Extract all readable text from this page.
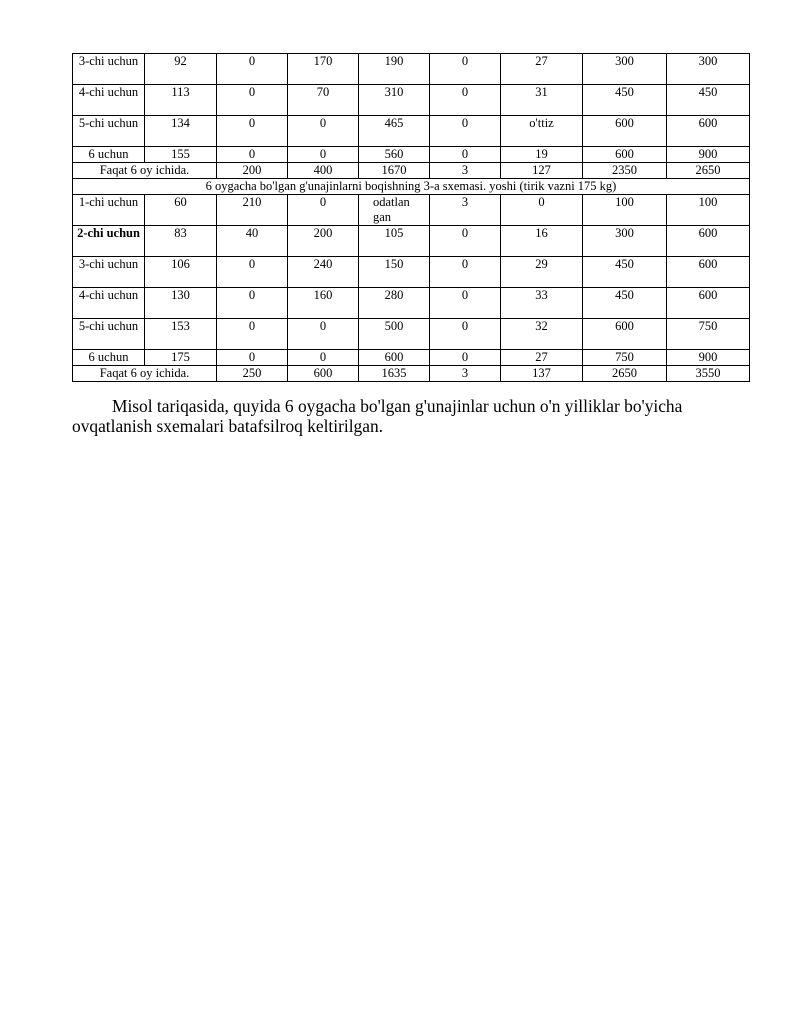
3-chi uchun	92	0	170	190	0	27	300	300
4-chi uchun	113	0	70	310	0	31	450	450
5-chi uchun	134	0	0	465	0	o'ttiz	600	600
6 uchun	155	0	0	560	0	19	600	900
Faqat 6 oy ichida.		200	400	1670	3	127	2350	2650
6 oygacha bo'lgan g'unajinlarni boqishning 3-a sxemasi. yoshi (tirik vazni 175 kg)								
1-chi uchun	60	210	0	odatlangan	3	0	100	100
2-chi uchun	83	40	200	105	0	16	300	600
3-chi uchun	106	0	240	150	0	29	450	600
4-chi uchun	130	0	160	280	0	33	450	600
5-chi uchun	153	0	0	500	0	32	600	750
6 uchun	175	0	0	600	0	27	750	900
Faqat 6 oy ichida.		250	600	1635	3	137	2650	3550

Misol tariqasida, quyida 6 oygacha bo'lgan g'unajinlar uchun o'n yilliklar bo'yicha ovqatlanish sxemalari batafsilroq keltirilgan.
